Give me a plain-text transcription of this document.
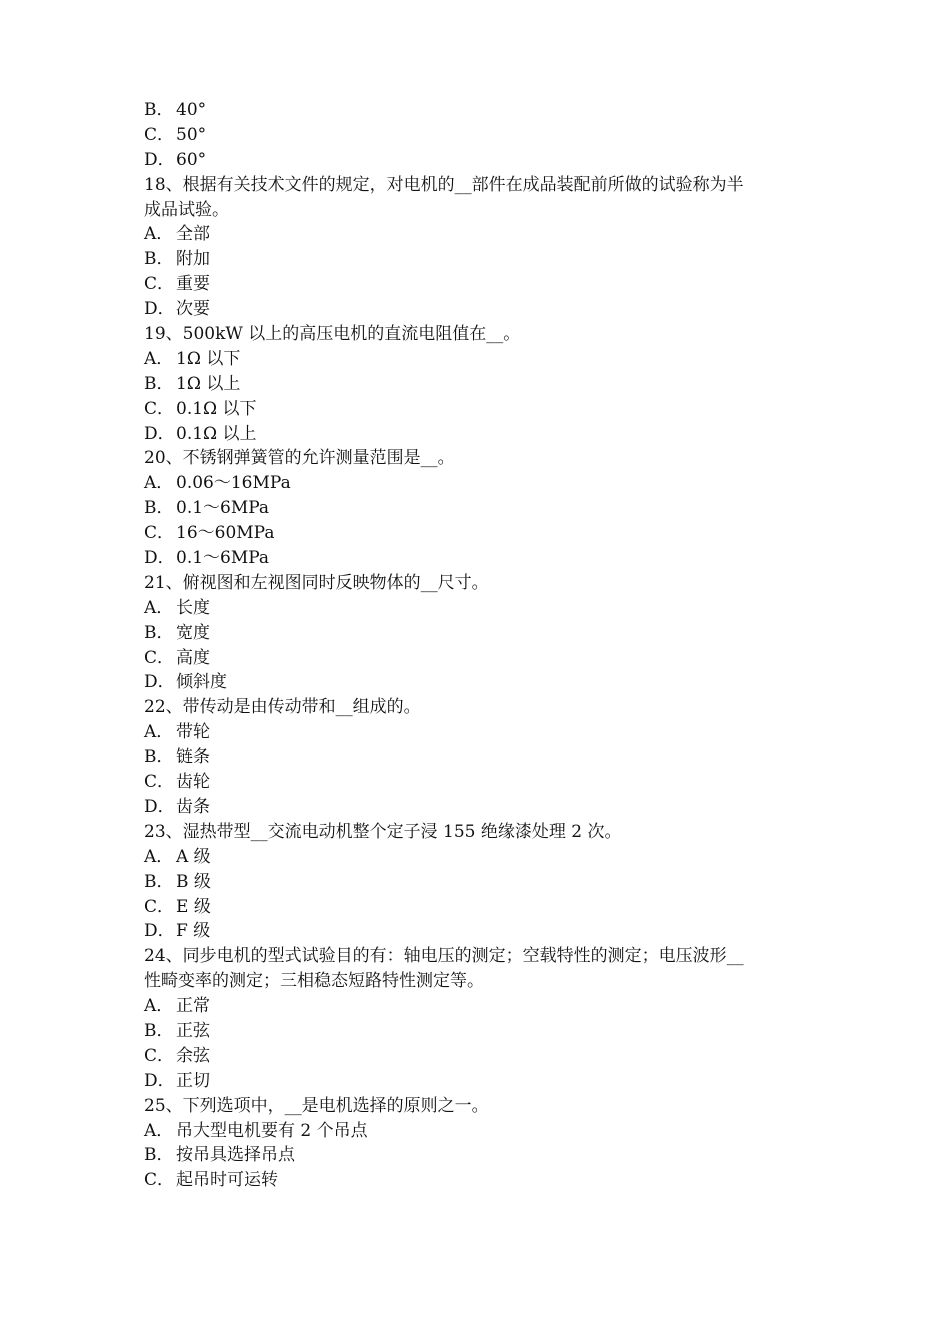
B． 40°
C． 50°
D．60°
18、根据有关技术文件的规定，对电机的__部件在成品装配前所做的试验称为半
成品试验。
A． 全部
B． 附加
C． 重要
D．次要
19、500kW 以上的高压电机的直流电阻值在__。
A． 1Ω 以下
B． 1Ω 以上
C． 0.1Ω 以下
D．0.1Ω 以上
20、不锈钢弹簧管的允许测量范围是__。
A． 0.06～16MPa
B． 0.1～6MPa
C． 16～60MPa
D．0.1～6MPa
21、俯视图和左视图同时反映物体的__尺寸。
A． 长度
B． 宽度
C． 高度
D．倾斜度
22、带传动是由传动带和__组成的。
A． 带轮
B． 链条
C． 齿轮
D．齿条
23、湿热带型__交流电动机整个定子浸 155 绝缘漆处理 2 次。
A． A 级
B． B 级
C． E 级
D．F 级
24、同步电机的型式试验目的有：轴电压的测定；空载特性的测定；电压波形__
性畸变率的测定；三相稳态短路特性测定等。
A． 正常
B． 正弦
C． 余弦
D．正切
25、下列选项中，__是电机选择的原则之一。
A． 吊大型电机要有 2 个吊点
B． 按吊具选择吊点
C． 起吊时可运转
